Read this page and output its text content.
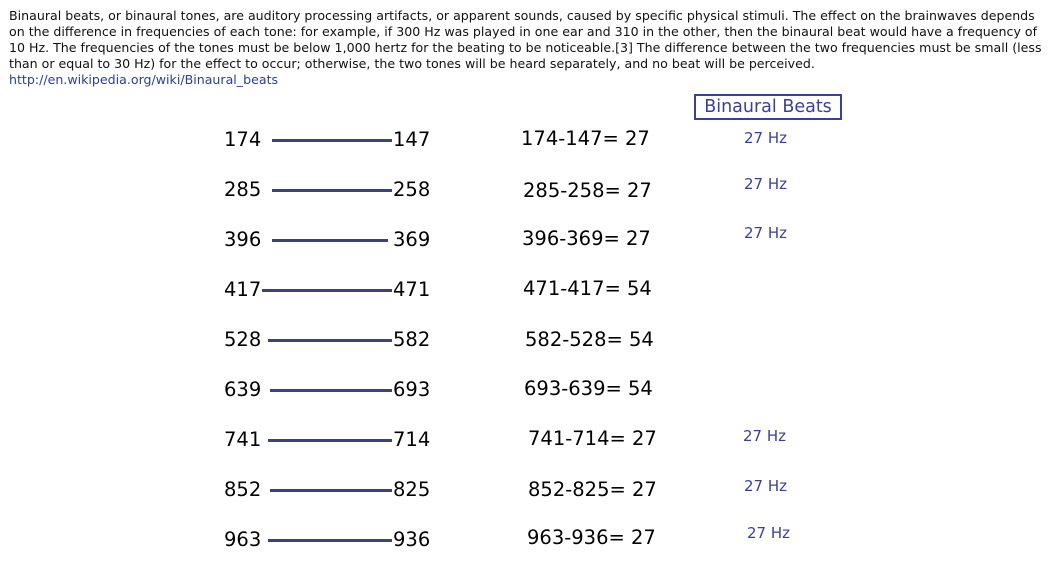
Binaural beats, or binaural tones, are auditory processing artifacts, or apparent sounds, caused by specific physical stimuli. The effect on the brainwaves depends on the difference in frequencies of each tone: for example, if 300 Hz was played in one ear and 310 in the other, then the binaural beat would have a frequency of 10 Hz. The frequencies of the tones must be below 1,000 hertz for the beating to be noticeable.[3] The difference between the two frequencies must be small (less than or equal to 30 Hz) for the effect to occur; otherwise, the two tones will be heard separately, and no beat will be perceived.
http://en.wikipedia.org/wiki/Binaural_beats

Binaural Beats
174	147	174-147= 27	27 Hz
285	258	285-258= 27	27 Hz
396	369	396-369= 27	27 Hz
417	471	471-417= 54
528	582	582-528= 54
639	693	693-639= 54
741	714	741-714= 27	27 Hz
852	825	852-825= 27	27 Hz
963	936	963-936= 27	27 Hz
